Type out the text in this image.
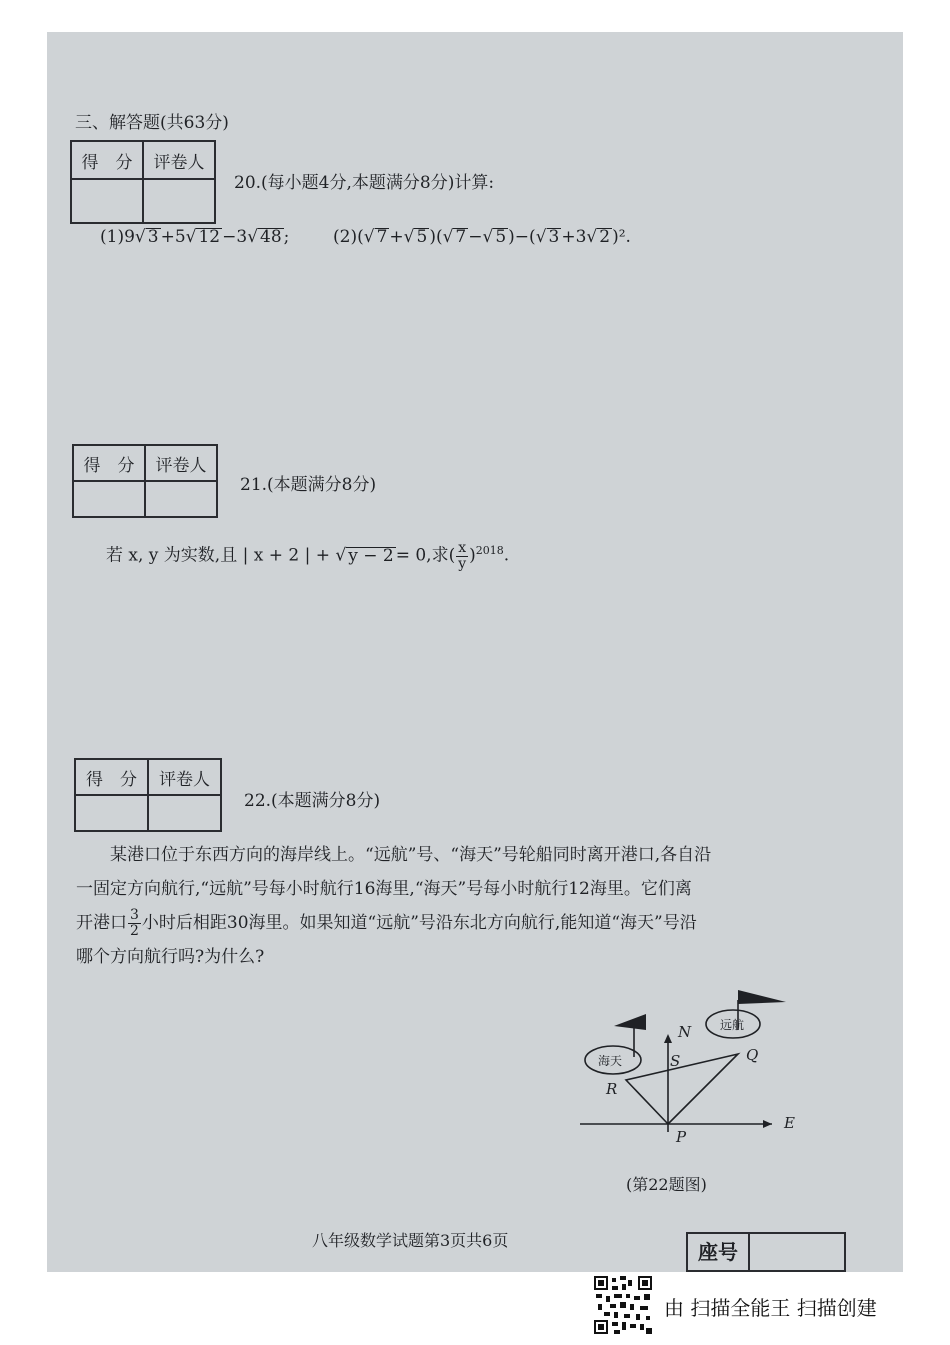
三、解答题(共63分)
得　分	评卷人

20.(每小题4分,本题满分8分)计算:
(1)9√ 3 +5√ 12 −3√ 48 ;	(2)(√ 7 +√ 5 )(√ 7 −√ 5 )−(√ 3 +3√ 2 )².
得　分	评卷人

21.(本题满分8分)
若 x, y 为实数,且 | x + 2 | + √ y − 2 = 0,求( $\frac{x}{y} )^{2018}$.
得　分	评卷人

22.(本题满分8分)
某港口位于东西方向的海岸线上。“远航”号、“海天”号轮船同时离开港口,各自沿
一固定方向航行,“远航”号每小时航行16海里,“海天”号每小时航行12海里。它们离
开港口 $\frac{3}{2}$ 小时后相距30海里。如果知道“远航”号沿东北方向航行,能知道“海天”号沿
哪个方向航行吗?为什么?
N
E
S
P
Q
R
海天
远航
(第22题图)
八年级数学试题第3页共6页	座号
由 扫描全能王 扫描创建
